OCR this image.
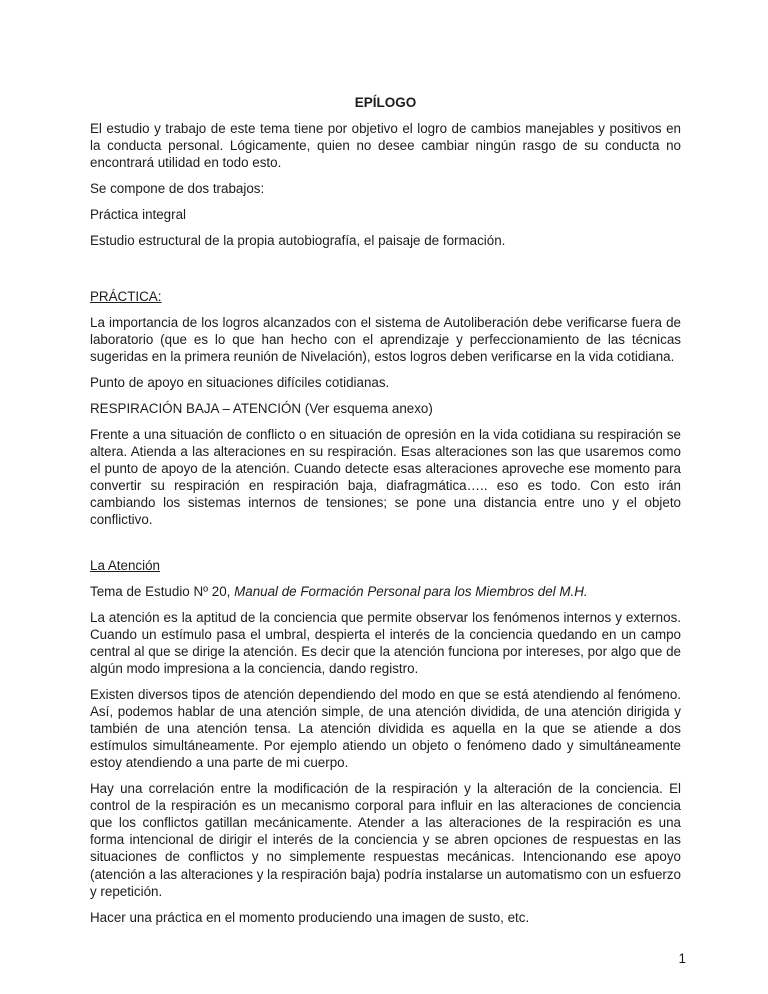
EPÍLOGO

El estudio y trabajo de este tema tiene por objetivo el logro de cambios manejables y positivos en la conducta personal. Lógicamente, quien no desee cambiar ningún rasgo de su conducta no encontrará utilidad en todo esto.

Se compone de dos trabajos:

Práctica integral

Estudio estructural de la propia autobiografía, el paisaje de formación.

PRÁCTICA:

La importancia de los logros alcanzados con el sistema de Autoliberación debe verificarse fuera de laboratorio (que es lo que han hecho con el aprendizaje y perfeccionamiento de las técnicas sugeridas en la primera reunión de Nivelación), estos logros deben verificarse en la vida cotidiana.

Punto de apoyo en situaciones difíciles cotidianas.

RESPIRACIÓN BAJA – ATENCIÓN (Ver esquema anexo)

Frente a una situación de conflicto o en situación de opresión en la vida cotidiana su respiración se altera. Atienda a las alteraciones en su respiración. Esas alteraciones son las que usaremos como el punto de apoyo de la atención. Cuando detecte esas alteraciones aproveche ese momento para convertir su respiración en respiración baja, diafragmática….. eso es todo. Con esto irán cambiando los sistemas internos de tensiones; se pone una distancia entre uno y el objeto conflictivo.

La Atención

Tema de Estudio Nº 20, Manual de Formación Personal para los Miembros del M.H.

La atención es la aptitud de la conciencia que permite observar los fenómenos internos y externos. Cuando un estímulo pasa el umbral, despierta el interés de la conciencia quedando en un campo central al que se dirige la atención. Es decir que la atención funciona por intereses, por algo que de algún modo impresiona a la conciencia, dando registro.

Existen diversos tipos de atención dependiendo del modo en que se está atendiendo al fenómeno. Así, podemos hablar de una atención simple, de una atención dividida, de una atención dirigida y también de una atención tensa. La atención dividida es aquella en la que se atiende a dos estímulos simultáneamente. Por ejemplo atiendo un objeto o fenómeno dado y simultáneamente estoy atendiendo a una parte de mi cuerpo.

Hay una correlación entre la modificación de la respiración y la alteración de la conciencia. El control de la respiración es un mecanismo corporal para influir en las alteraciones de conciencia que los conflictos gatillan mecánicamente. Atender a las alteraciones de la respiración es una forma intencional de dirigir el interés de la conciencia y se abren opciones de respuestas en las situaciones de conflictos y no simplemente respuestas mecánicas. Intencionando ese apoyo (atención a las alteraciones y la respiración baja) podría instalarse un automatismo con un esfuerzo y repetición.

Hacer una práctica en el momento produciendo una imagen de susto, etc.

1
